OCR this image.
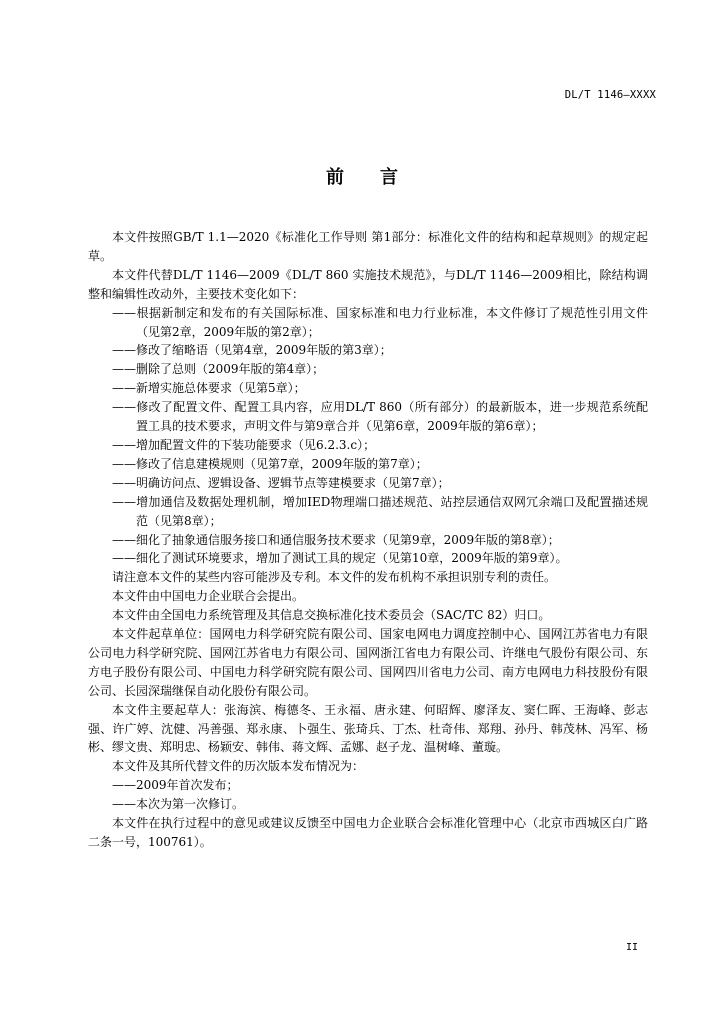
DL/T 1146—XXXX
前言

本文件按照GB/T 1.1—2020《标准化工作导则 第1部分：标准化文件的结构和起草规则》的规定起草。

本文件代替DL/T 1146—2009《DL/T 860 实施技术规范》，与DL/T 1146—2009相比，除结构调整和编辑性改动外，主要技术变化如下：

——根据新制定和发布的有关国际标准、国家标准和电力行业标准，本文件修订了规范性引用文件（见第2章，2009年版的第2章）；

——修改了缩略语（见第4章，2009年版的第3章）；

——删除了总则（2009年版的第4章）；

——新增实施总体要求（见第5章）；

——修改了配置文件、配置工具内容，应用DL/T 860（所有部分）的最新版本，进一步规范系统配置工具的技术要求，声明文件与第9章合并（见第6章，2009年版的第6章）；

——增加配置文件的下装功能要求（见6.2.3.c）；

——修改了信息建模规则（见第7章，2009年版的第7章）；

——明确访问点、逻辑设备、逻辑节点等建模要求（见第7章）；

——增加通信及数据处理机制，增加IED物理端口描述规范、站控层通信双网冗余端口及配置描述规范（见第8章）；

——细化了抽象通信服务接口和通信服务技术要求（见第9章，2009年版的第8章）；

——细化了测试环境要求，增加了测试工具的规定（见第10章，2009年版的第9章）。

请注意本文件的某些内容可能涉及专利。本文件的发布机构不承担识别专利的责任。

本文件由中国电力企业联合会提出。

本文件由全国电力系统管理及其信息交换标准化技术委员会（SAC/TC 82）归口。

本文件起草单位：国网电力科学研究院有限公司、国家电网电力调度控制中心、国网江苏省电力有限公司电力科学研究院、国网江苏省电力有限公司、国网浙江省电力有限公司、许继电气股份有限公司、东方电子股份有限公司、中国电力科学研究院有限公司、国网四川省电力公司、南方电网电力科技股份有限公司、长园深瑞继保自动化股份有限公司。

本文件主要起草人：张海滨、梅德冬、王永福、唐永建、何昭辉、廖泽友、窦仁晖、王海峰、彭志强、许广婷、沈健、冯善强、郑永康、卜强生、张琦兵、丁杰、杜奇伟、郑翔、孙丹、韩茂林、冯军、杨彬、缪文贵、郑明忠、杨颖安、韩伟、蒋文辉、孟娜、赵子龙、温树峰、董璇。

本文件及其所代替文件的历次版本发布情况为：

——2009年首次发布；

——本次为第一次修订。

本文件在执行过程中的意见或建议反馈至中国电力企业联合会标准化管理中心（北京市西城区白广路二条一号，100761）。

II
